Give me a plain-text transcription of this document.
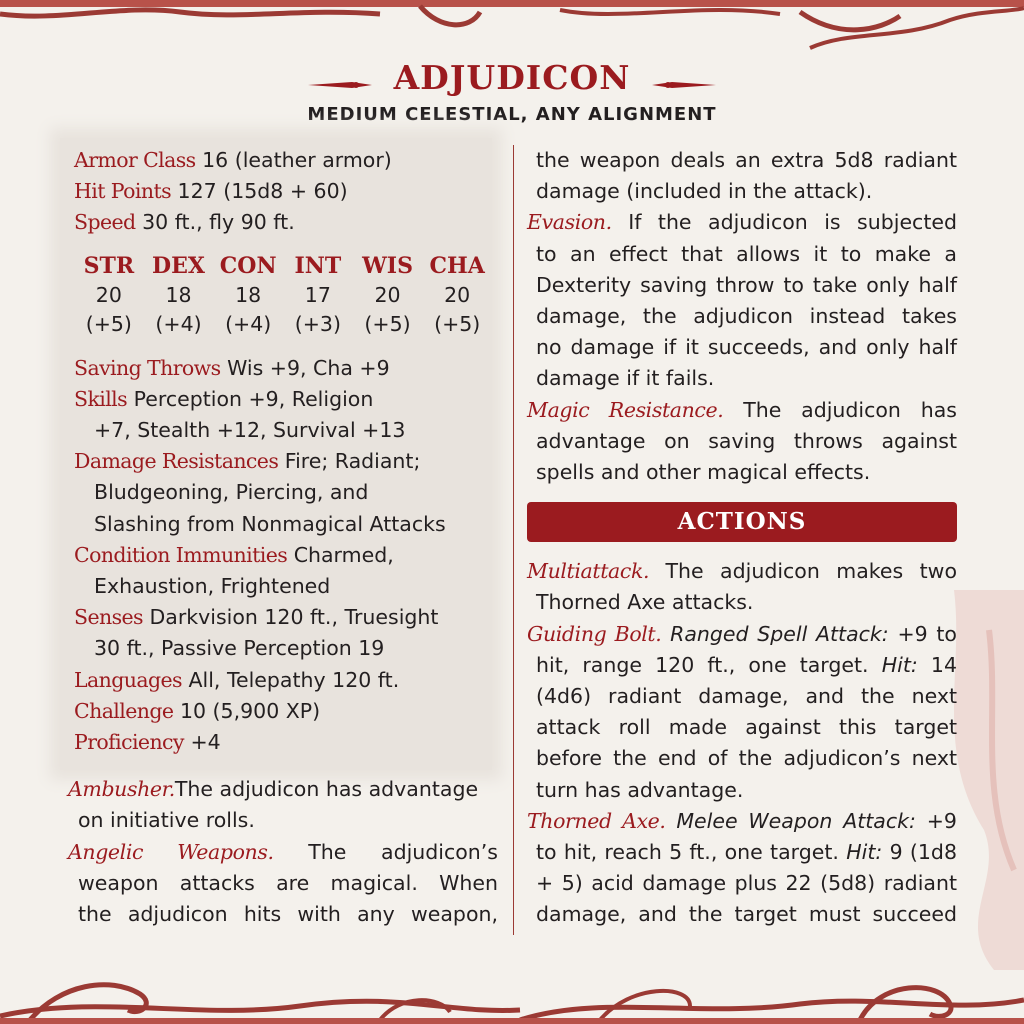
ADJUDICON
MEDIUM CELESTIAL, ANY ALIGNMENT
Armor Class 16 (leather armor)
Hit Points 127 (15d8 + 60)
Speed 30 ft., fly 90 ft.
STR
20
(+5)
DEX
18
(+4)
CON
18
(+4)
INT
17
(+3)
WIS
20
(+5)
CHA
20
(+5)
Saving Throws Wis +9, Cha +9
Skills Perception +9, Religion
+7, Stealth +12, Survival +13
Damage Resistances Fire; Radiant;
Bludgeoning, Piercing, and
Slashing from Nonmagical Attacks
Condition Immunities Charmed,
Exhaustion, Frightened
Senses Darkvision 120 ft., Truesight
30 ft., Passive Perception 19
Languages All, Telepathy 120 ft.
Challenge 10 (5,900 XP)
Proficiency +4
Ambusher.The adjudicon has advantage
on initiative rolls.
Angelic Weapons. The adjudicon’s
weapon attacks are magical. When
the adjudicon hits with any weapon,
the weapon deals an extra 5d8 radiant
damage (included in the attack).
Evasion. If the adjudicon is subjected
to an effect that allows it to make a
Dexterity saving throw to take only half
damage, the adjudicon instead takes
no damage if it succeeds, and only half
damage if it fails.
Magic Resistance. The adjudicon has
advantage on saving throws against
spells and other magical effects.
ACTIONS
Multiattack. The adjudicon makes two
Thorned Axe attacks.
Guiding Bolt. Ranged Spell Attack: +9 to
hit, range 120 ft., one target. Hit: 14
(4d6) radiant damage, and the next
attack roll made against this target
before the end of the adjudicon’s next
turn has advantage.
Thorned Axe. Melee Weapon Attack: +9
to hit, reach 5 ft., one target. Hit: 9 (1d8
+ 5) acid damage plus 22 (5d8) radiant
damage, and the target must succeed
